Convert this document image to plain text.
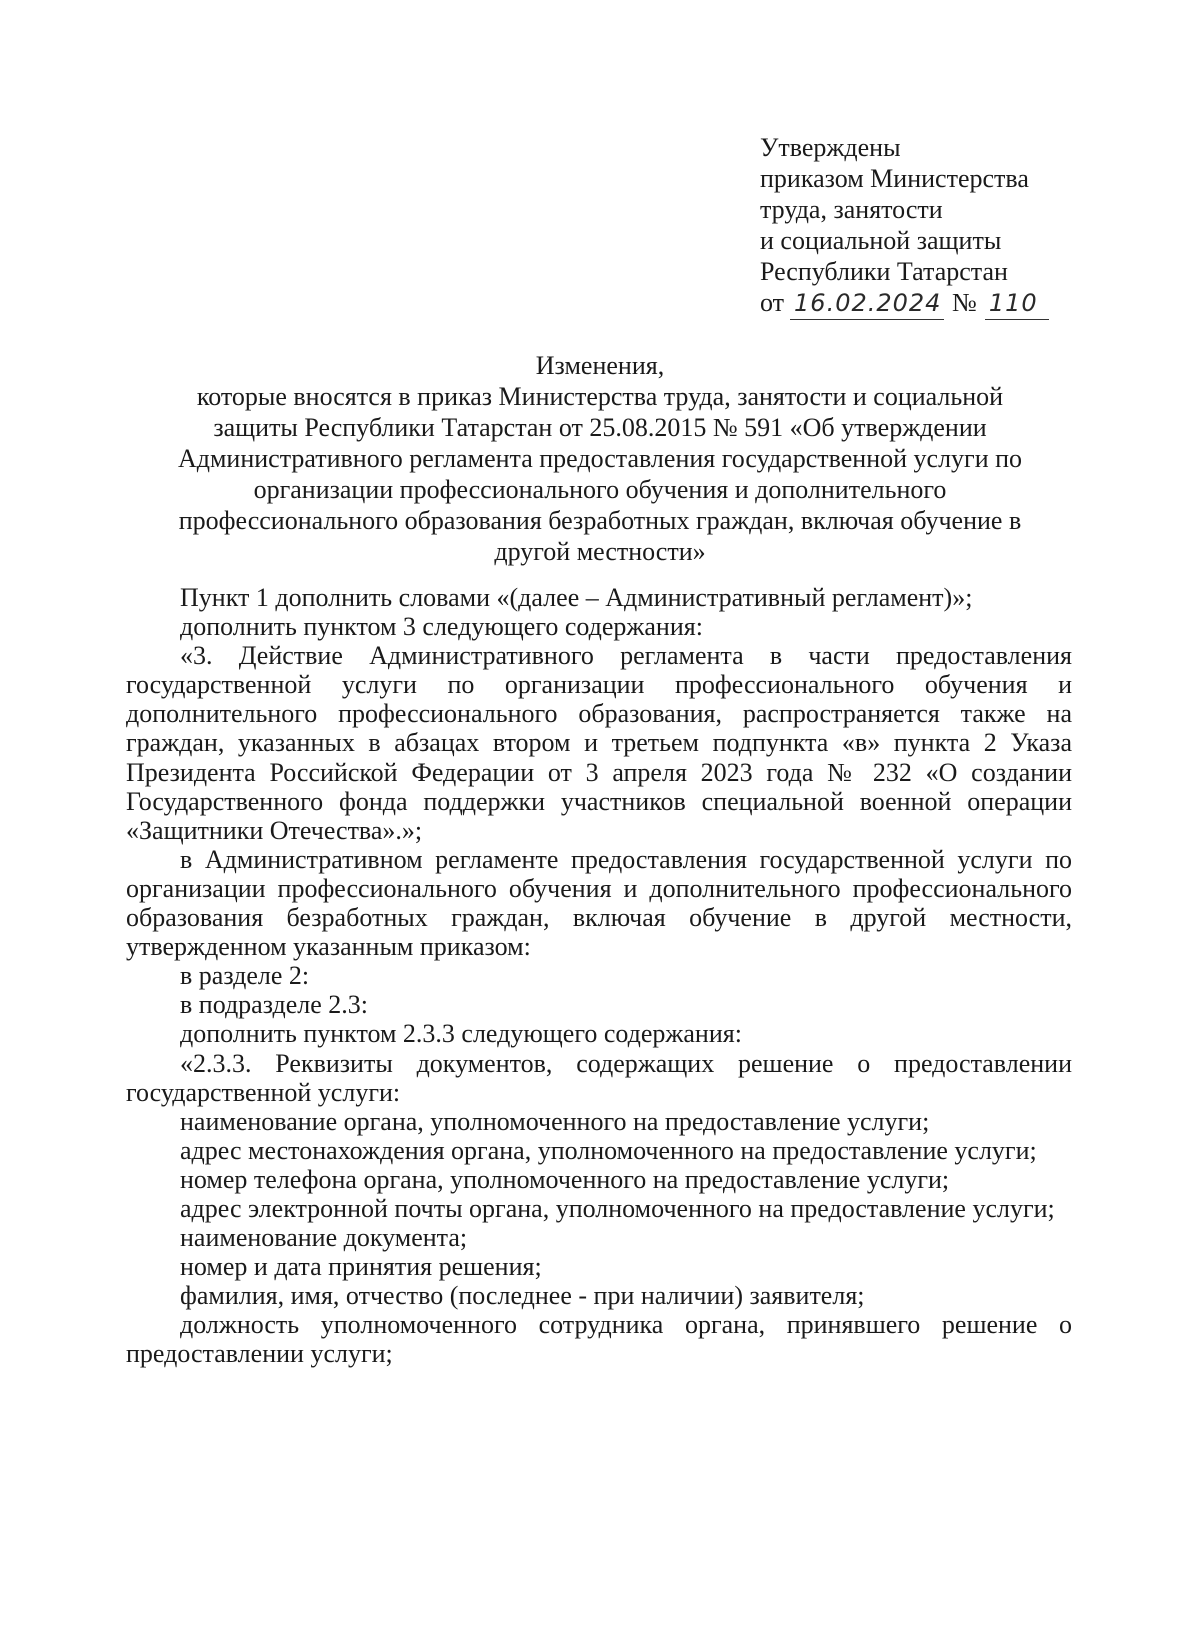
Утверждены
приказом Министерства
труда, занятости
и социальной защиты
Республики Татарстан
от 16.02.2024 № 110
Изменения,
которые вносятся в приказ Министерства труда, занятости и социальной
защиты Республики Татарстан от 25.08.2015 № 591 «Об утверждении
Административного регламента предоставления государственной услуги по
организации профессионального обучения и дополнительного
профессионального образования безработных граждан, включая обучение в
другой местности»

Пункт 1 дополнить словами «(далее – Административный регламент)»;

дополнить пунктом 3 следующего содержания:

«3. Действие Административного регламента в части предоставления государственной услуги по организации профессионального обучения и дополнительного профессионального образования, распространяется также на граждан, указанных в абзацах втором и третьем подпункта «в» пункта 2 Указа Президента Российской Федерации от 3 апреля 2023 года № 232 «О создании Государственного фонда поддержки участников специальной военной операции «Защитники Отечества».»;

в Административном регламенте предоставления государственной услуги по организации профессионального обучения и дополнительного профессионального образования безработных граждан, включая обучение в другой местности, утвержденном указанным приказом:

в разделе 2:

в подразделе 2.3:

дополнить пунктом 2.3.3 следующего содержания:

«2.3.3. Реквизиты документов, содержащих решение о предоставлении государственной услуги:

наименование органа, уполномоченного на предоставление услуги;

адрес местонахождения органа, уполномоченного на предоставление услуги;

номер телефона органа, уполномоченного на предоставление услуги;

адрес электронной почты органа, уполномоченного на предоставление услуги;

наименование документа;

номер и дата принятия решения;

фамилия, имя, отчество (последнее - при наличии) заявителя;

должность уполномоченного сотрудника органа, принявшего решение о предоставлении услуги;
